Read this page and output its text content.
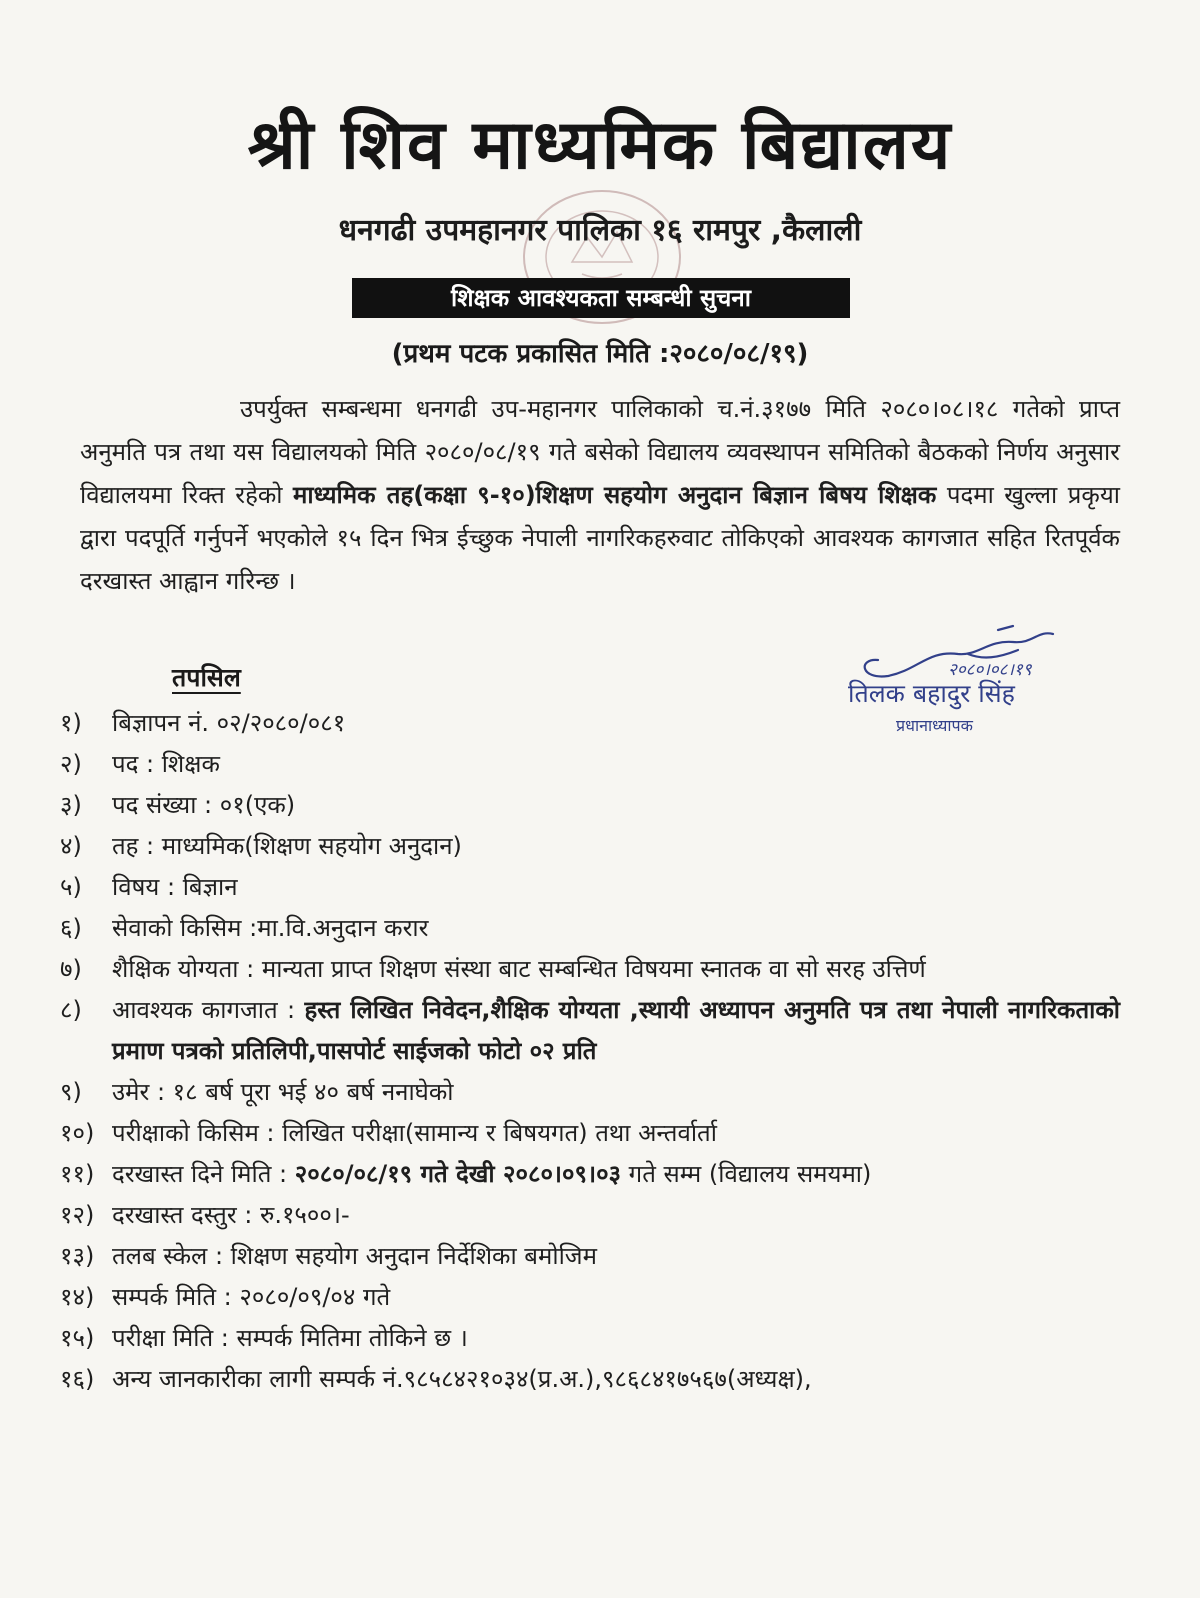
श्री शिव माध्यमिक बिद्यालय
धनगढी उपमहानगर पालिका १६ रामपुर ,कैलाली
शिक्षक आवश्यकता सम्बन्धी सुचना
(प्रथम पटक प्रकासित मिति :२०८०/०८/१९)
उपर्युक्त सम्बन्धमा धनगढी उप-महानगर पालिकाको च.नं.३१७७ मिति २०८०।०८।१८ गतेको प्राप्त अनुमति पत्र तथा यस विद्यालयको मिति २०८०/०८/१९ गते बसेको विद्यालय व्यवस्थापन समितिको बैठकको निर्णय अनुसार विद्यालयमा रिक्त रहेको माध्यमिक तह(कक्षा ९-१०)शिक्षण सहयोग अनुदान बिज्ञान बिषय शिक्षक पदमा खुल्ला प्रकृया द्वारा पदपूर्ति गर्नुपर्ने भएकोले १५ दिन भित्र ईच्छुक नेपाली नागरिकहरुवाट तोकिएको आवश्यक कागजात सहित रितपूर्वक दरखास्त आह्वान गरिन्छ ।
तपसिल	२०८०।०८।१९
तिलक बहादुर सिंह
प्रधानाध्यापक
१) बिज्ञापन नं. ०२/२०८०/०८१
२) पद : शिक्षक
३) पद संख्या : ०१(एक)
४) तह : माध्यमिक(शिक्षण सहयोग अनुदान)
५) विषय : बिज्ञान
६) सेवाको किसिम :मा.वि.अनुदान करार
७) शैक्षिक योग्यता : मान्यता प्राप्त शिक्षण संस्था बाट सम्बन्धित विषयमा स्नातक वा सो सरह उत्तिर्ण
८) आवश्यक कागजात : हस्त लिखित निवेदन,शैक्षिक योग्यता ,स्थायी अध्यापन अनुमति पत्र तथा नेपाली नागरिकताको प्रमाण पत्रको प्रतिलिपी,पासपोर्ट साईजको फोटो ०२ प्रति
९) उमेर : १८ बर्ष पूरा भई ४० बर्ष ननाघेको
१०) परीक्षाको किसिम : लिखित परीक्षा(सामान्य र बिषयगत) तथा अन्तर्वार्ता
११) दरखास्त दिने मिति : २०८०/०८/१९ गते देखी २०८०।०९।०३ गते सम्म (विद्यालय समयमा)
१२) दरखास्त दस्तुर : रु.१५००।-
१३) तलब स्केल : शिक्षण सहयोग अनुदान निर्देशिका बमोजिम
१४) सम्पर्क मिति : २०८०/०९/०४ गते
१५) परीक्षा मिति : सम्पर्क मितिमा तोकिने छ ।
१६) अन्य जानकारीका लागी सम्पर्क नं.९८५८४२१०३४(प्र.अ.),९८६८४१७५६७(अध्यक्ष),
